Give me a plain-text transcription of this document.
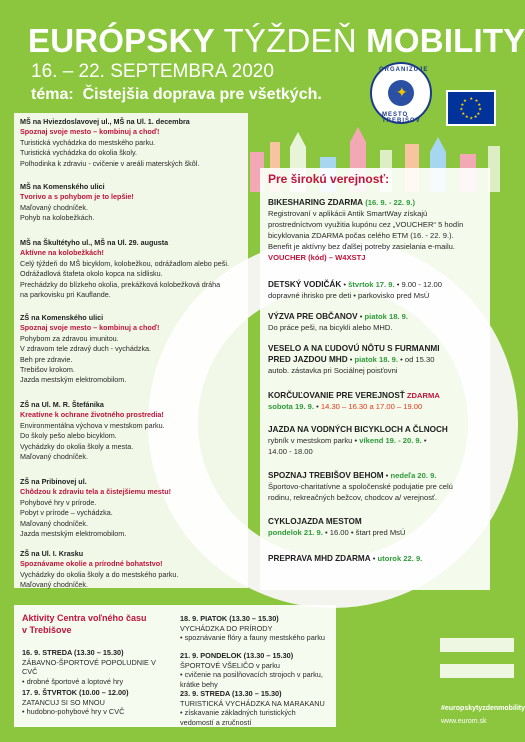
EURÓPSKY TÝŽDEŇ MOBILITY
16. – 22. SEPTEMBRA 2020
téma: Čistejšia doprava pre všetkých.
ORGANIZUJE
✦
MESTO TREBIŠOV
★ ★
★
★
★
★
★
★
★
★
★
★
MŠ na Hviezdoslavovej ul., MŠ na Ul. 1. decembra
Spoznaj svoje mesto – kombinuj a choď!
Turistická vychádzka do mestského parku.
Turistická vychádzka do okolia školy.
Polhodinka k zdraviu - cvičenie v areáli materských škôl.
MŠ na Komenského ulici
Tvorivo a s pohybom je to lepšie!
Maľovaný chodníček.
Pohyb na kolobežkách.
MŠ na Škultétyho ul., MŠ na Ul. 29. augusta
Aktívne na kolobežkách!
Celý týždeň do MŠ bicyklom, kolobežkou, odrážadlom alebo peši.
Odrážadlová štafeta okolo kopca na sídlisku.
Prechádzky do blízkeho okolia, prekážková kolobežková dráha
na parkovisku pri Kauflande.
ZŠ na Komenského ulici
Spoznaj svoje mesto – kombinuj a choď!
Pohybom za zdravou imunitou.
V zdravom tele zdravý duch - vychádzka.
Beh pre zdravie.
Trebišov krokom.
Jazda mestským elektromobilom.
ZŠ na Ul. M. R. Štefánika
Kreatívne k ochrane životného prostredia!
Environmentálna výchova v mestskom parku.
Do školy pešo alebo bicyklom.
Vychádzky do okolia školy a mesta.
Maľovaný chodníček.
ZŠ na Pribinovej ul.
Chôdzou k zdraviu tela a čistejšiemu mestu!
Pohybové hry v prírode.
Pobyt v prírode – vychádzka.
Maľovaný chodníček.
Jazda mestským elektromobilom.
ZŠ na Ul. I. Krasku
Spoznávame okolie a prírodné bohatstvo!
Vychádzky do okolia školy a do mestského parku.
Maľovaný chodníček.
Pre širokú verejnosť:
BIKESHARING ZDARMA (16. 9. - 22. 9.)
Registrovaní v aplikácii Antik SmartWay získajú
prostredníctvom využitia kupónu cez „VOUCHER“ 5 hodín
bicyklovania ZDARMA počas celého ETM (16. - 22. 9.).
Benefit je aktívny bez ďalšej potreby zasielania e-mailu.
VOUCHER (kód) – W4XSTJ
DETSKÝ VODIČÁK • štvrtok 17. 9. • 9.00 - 12.00
dopravné ihrisko pre deti • parkovisko pred MsÚ
VÝZVA PRE OBČANOV • piatok 18. 9.
Do práce peši, na bicykli alebo MHD.
VESELO A NA ĽUDOVÚ NÔTU S FURMANMI
PRED JAZDOU MHD • piatok 18. 9. • od 15.30
autob. zástavka pri Sociálnej poisťovni
KORČUĽOVANIE PRE VEREJNOSŤ ZDARMA
sobota 19. 9. • 14.30 – 16.30 a 17.00 – 19.00
JAZDA NA VODNÝCH BICYKLOCH A ČLNOCH
rybník v mestskom parku • víkend 19. - 20. 9. •
14.00 - 18.00
SPOZNAJ TREBIŠOV BEHOM • nedeľa 20. 9.
Športovo-charitatívne a spoločenské podujatie pre celú
rodinu, rekreačných bežcov, chodcov a/ verejnosť.
CYKLOJAZDA MESTOM
pondelok 21. 9. • 16.00 • štart pred MsÚ
PREPRAVA MHD ZDARMA • utorok 22. 9.
Aktivity Centra voľného času
v Trebišove
16. 9. STREDA (13.30 – 15.30)
ZÁBAVNO-ŠPORTOVÉ POPOLUDNIE V CVČ
• drobné športové a loptové hry
17. 9. ŠTVRTOK (10.00 – 12.00)
ZATANCUJ SI SO MNOU
• hudobno-pohybové hry v CVČ
18. 9. PIATOK (13.30 – 15.30)
VYCHÁDZKA DO PRÍRODY
• spoznávanie flóry a fauny mestského parku
21. 9. PONDELOK (13.30 – 15.30)
ŠPORTOVÉ VŠELIČO v parku
• cvičenie na posilňovacích strojoch v parku, krátke behy
23. 9. STREDA (13.30 – 15.30)
TURISTICKÁ VYCHÁDZKA NA MARAKANU
• získavanie základných turistických
vedomostí a zručností
#europskytyzdenmobility
www.eurom.sk
